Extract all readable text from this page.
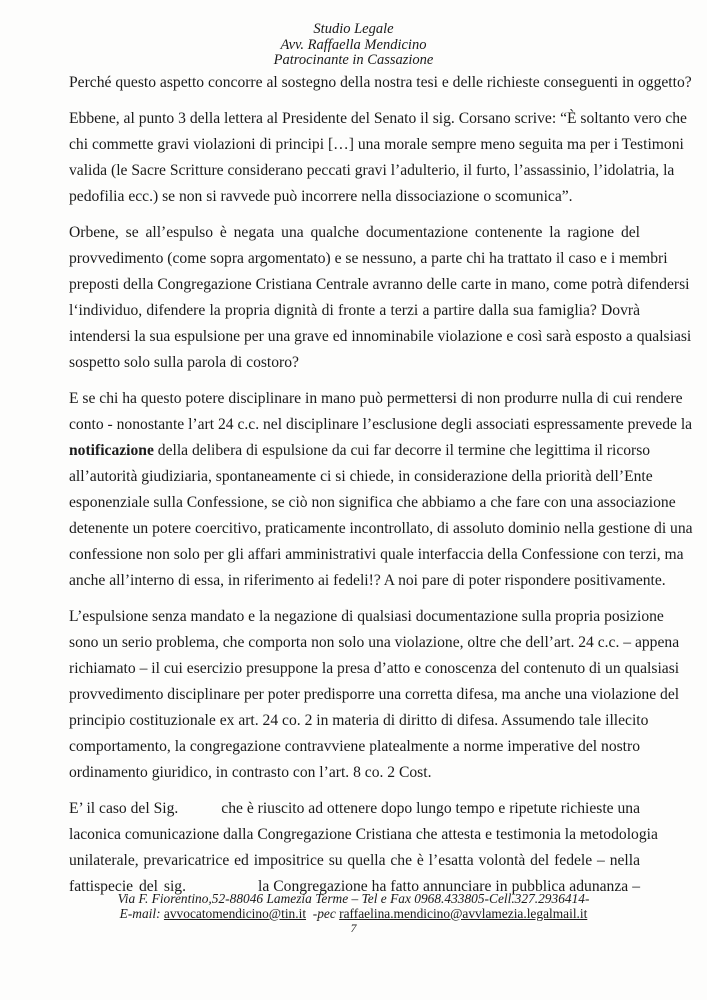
Studio Legale
Avv. Raffaella Mendicino
Patrocinante in Cassazione
Perché questo aspetto concorre al sostegno della nostra tesi e delle richieste conseguenti in oggetto?
Ebbene, al punto 3 della lettera al Presidente del Senato il sig. Corsano scrive: “È soltanto vero che
chi commette gravi violazioni di principi […] una morale sempre meno seguita ma per i Testimoni
valida (le Sacre Scritture considerano peccati gravi l’adulterio, il furto, l’assassinio, l’idolatria, la
pedofilia ecc.) se non si ravvede può incorrere nella dissociazione o scomunica”.
Orbene, se all’espulso è negata una qualche documentazione contenente la ragione del
provvedimento (come sopra argomentato) e se nessuno, a parte chi ha trattato il caso e i membri
preposti della Congregazione Cristiana Centrale avranno delle carte in mano, come potrà difendersi
l‘individuo, difendere la propria dignità di fronte a terzi a partire dalla sua famiglia? Dovrà
intendersi la sua espulsione per una grave ed innominabile violazione e così sarà esposto a qualsiasi
sospetto solo sulla parola di costoro?
E se chi ha questo potere disciplinare in mano può permettersi di non produrre nulla di cui rendere
conto - nonostante l’art 24 c.c. nel disciplinare l’esclusione degli associati espressamente prevede la
notificazione della delibera di espulsione da cui far decorre il termine che legittima il ricorso
all’autorità giudiziaria, spontaneamente ci si chiede, in considerazione della priorità dell’Ente
esponenziale sulla Confessione, se ciò non significa che abbiamo a che fare con una associazione
detenente un potere coercitivo, praticamente incontrollato, di assoluto dominio nella gestione di una
confessione non solo per gli affari amministrativi quale interfaccia della Confessione con terzi, ma
anche all’interno di essa, in riferimento ai fedeli!? A noi pare di poter rispondere positivamente.
L’espulsione senza mandato e la negazione di qualsiasi documentazione sulla propria posizione
sono un serio problema, che comporta non solo una violazione, oltre che dell’art. 24 c.c. – appena
richiamato – il cui esercizio presuppone la presa d’atto e conoscenza del contenuto di un qualsiasi
provvedimento disciplinare per poter predisporre una corretta difesa, ma anche una violazione del
principio costituzionale ex art. 24 co. 2 in materia di diritto di difesa. Assumendo tale illecito
comportamento, la congregazione contravviene platealmente a norme imperative del nostro
ordinamento giuridico, in contrasto con l’art. 8 co. 2 Cost.
E’ il caso del Sig.	che è riuscito ad ottenere dopo lungo tempo e ripetute richieste una
laconica comunicazione dalla Congregazione Cristiana che attesta e testimonia la metodologia
unilaterale, prevaricatrice ed impositrice su quella che è l’esatta volontà del fedele – nella
fattispecie del sig.	la Congregazione ha fatto annunciare in pubblica adunanza –
Via F. Fiorentino,52-88046 Lamezia Terme – Tel e Fax 0968.433805-Cell.327.2936414-
E-mail: avvocatomendicino@tin.it -pec raffaelina.mendicino@avvlamezia.legalmail.it
7
